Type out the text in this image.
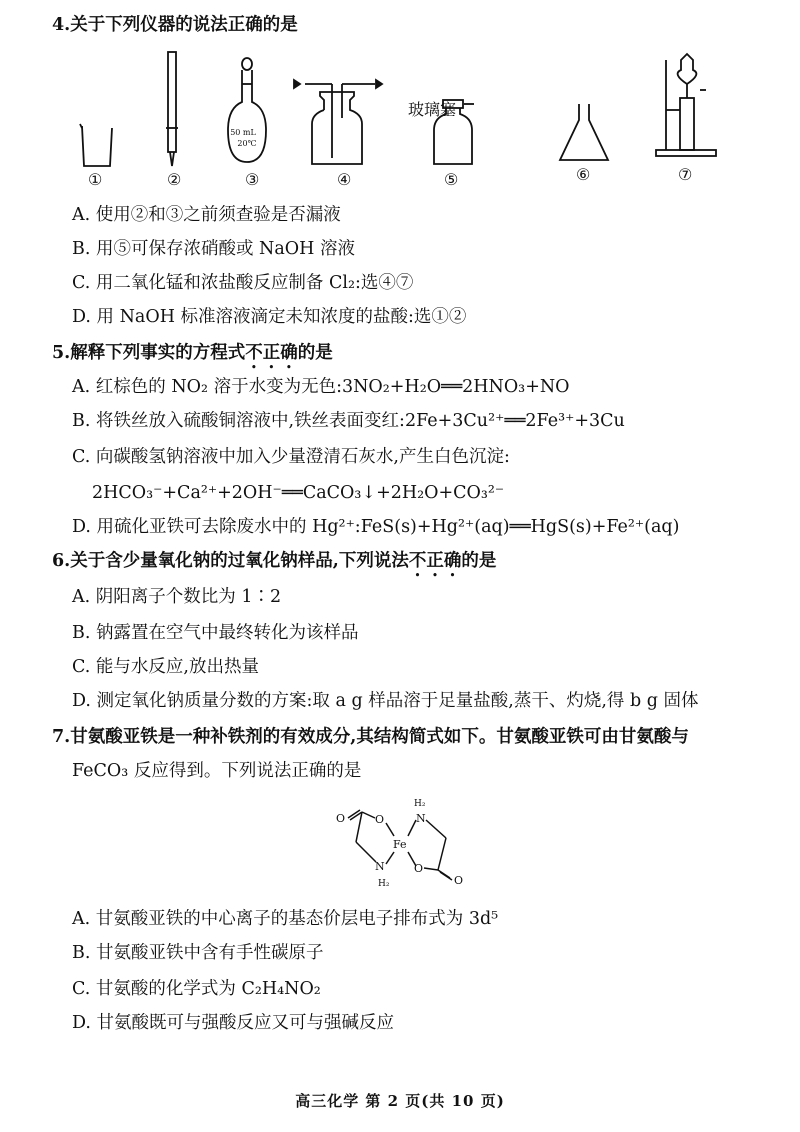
4.关于下列仪器的说法正确的是
50 mL
20℃
玻璃塞
①	②	③	④	⑤	⑥	⑦
A. 使用②和③之前须查验是否漏液
B. 用⑤可保存浓硝酸或 NaOH 溶液
C. 用二氧化锰和浓盐酸反应制备 Cl₂:选④⑦
D. 用 NaOH 标准溶液滴定未知浓度的盐酸:选①②
5.解释下列事实的方程式不正确的是
A. 红棕色的 NO₂ 溶于水变为无色:3NO₂+H₂O══2HNO₃+NO
B. 将铁丝放入硫酸铜溶液中,铁丝表面变红:2Fe+3Cu²⁺══2Fe³⁺+3Cu
C. 向碳酸氢钠溶液中加入少量澄清石灰水,产生白色沉淀:
2HCO₃⁻+Ca²⁺+2OH⁻══CaCO₃↓+2H₂O+CO₃²⁻
D. 用硫化亚铁可去除废水中的 Hg²⁺:FeS(s)+Hg²⁺(aq)══HgS(s)+Fe²⁺(aq)
6.关于含少量氧化钠的过氧化钠样品,下列说法不正确的是
A. 阴阳离子个数比为 1∶2
B. 钠露置在空气中最终转化为该样品
C. 能与水反应,放出热量
D. 测定氧化钠质量分数的方案:取 a g 样品溶于足量盐酸,蒸干、灼烧,得 b g 固体
7.甘氨酸亚铁是一种补铁剂的有效成分,其结构简式如下。甘氨酸亚铁可由甘氨酸与
FeCO₃ 反应得到。下列说法正确的是
O	O
N
H₂
Fe
N
H₂
O
O
A. 甘氨酸亚铁的中心离子的基态价层电子排布式为 3d⁵
B. 甘氨酸亚铁中含有手性碳原子
C. 甘氨酸的化学式为 C₂H₄NO₂
D. 甘氨酸既可与强酸反应又可与强碱反应
高三化学 第 2 页(共 10 页)
